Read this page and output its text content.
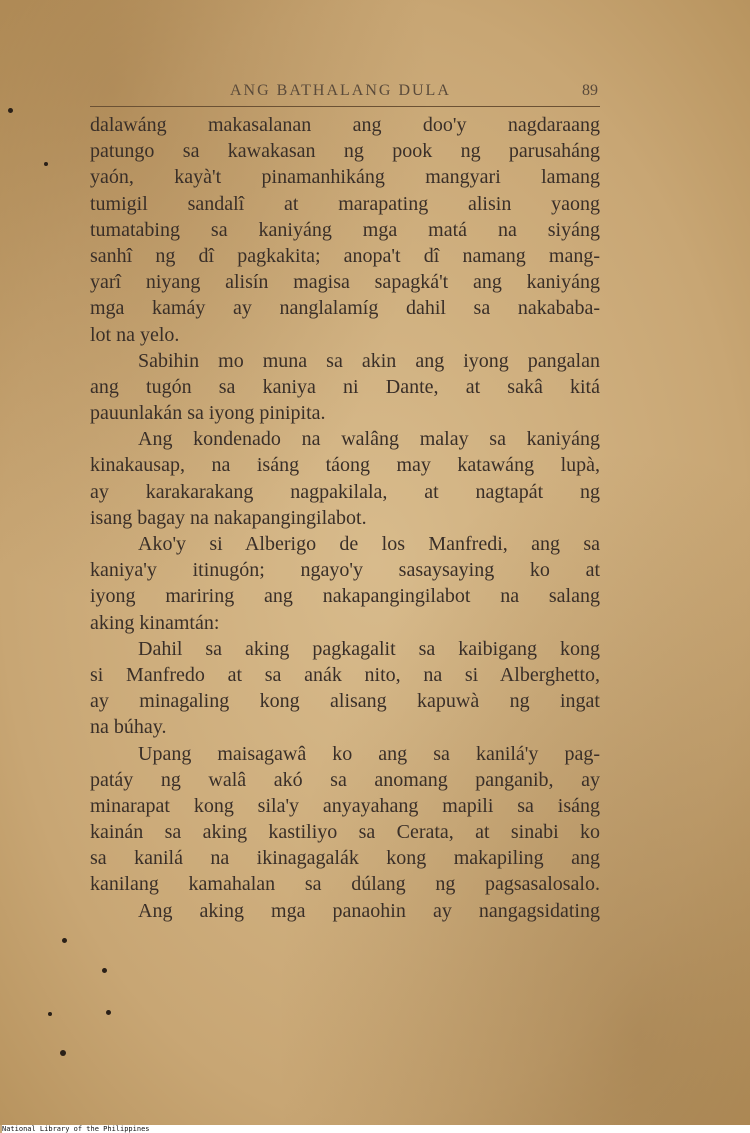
ANG BATHALANG DULA	89
dalawáng makasalanan ang doo'y nagdaraang
patungo sa kawakasan ng pook ng parusaháng
yaón, kayà't pinamanhikáng mangyari lamang
tumigil sandalî at marapating alisin yaong
tumatabing sa kaniyáng mga matá na siyáng
sanhî ng dî pagkakita; anopa't dî namang mang-
yarî niyang alisín magisa sapagká't ang kaniyáng
mga kamáy ay nanglalamíg dahil sa nakababa-
lot na yelo.
Sabihin mo muna sa akin ang iyong pangalan
ang tugón sa kaniya ni Dante, at sakâ kitá
pauunlakán sa iyong pinipita.
Ang kondenado na walâng malay sa kaniyáng
kinakausap, na isáng táong may katawáng lupà,
ay karakarakang nagpakilala, at nagtapát ng
isang bagay na nakapangingilabot.
Ako'y si Alberigo de los Manfredi, ang sa
kaniya'y itinugón; ngayo'y sasaysaying ko at
iyong mariring ang nakapangingilabot na salang
aking kinamtán:
Dahil sa aking pagkagalit sa kaibigang kong
si Manfredo at sa anák nito, na si Alberghetto,
ay minagaling kong alisang kapuwà ng ingat
na búhay.
Upang maisagawâ ko ang sa kanilá'y pag-
patáy ng walâ akó sa anomang panganib, ay
minarapat kong sila'y anyayahang mapili sa isáng
kainán sa aking kastiliyo sa Cerata, at sinabi ko
sa kanilá na ikinagagalák kong makapiling ang
kanilang kamahalan sa dúlang ng pagsasalosalo.
Ang aking mga panaohin ay nangagsidating
National Library of the Philippines
